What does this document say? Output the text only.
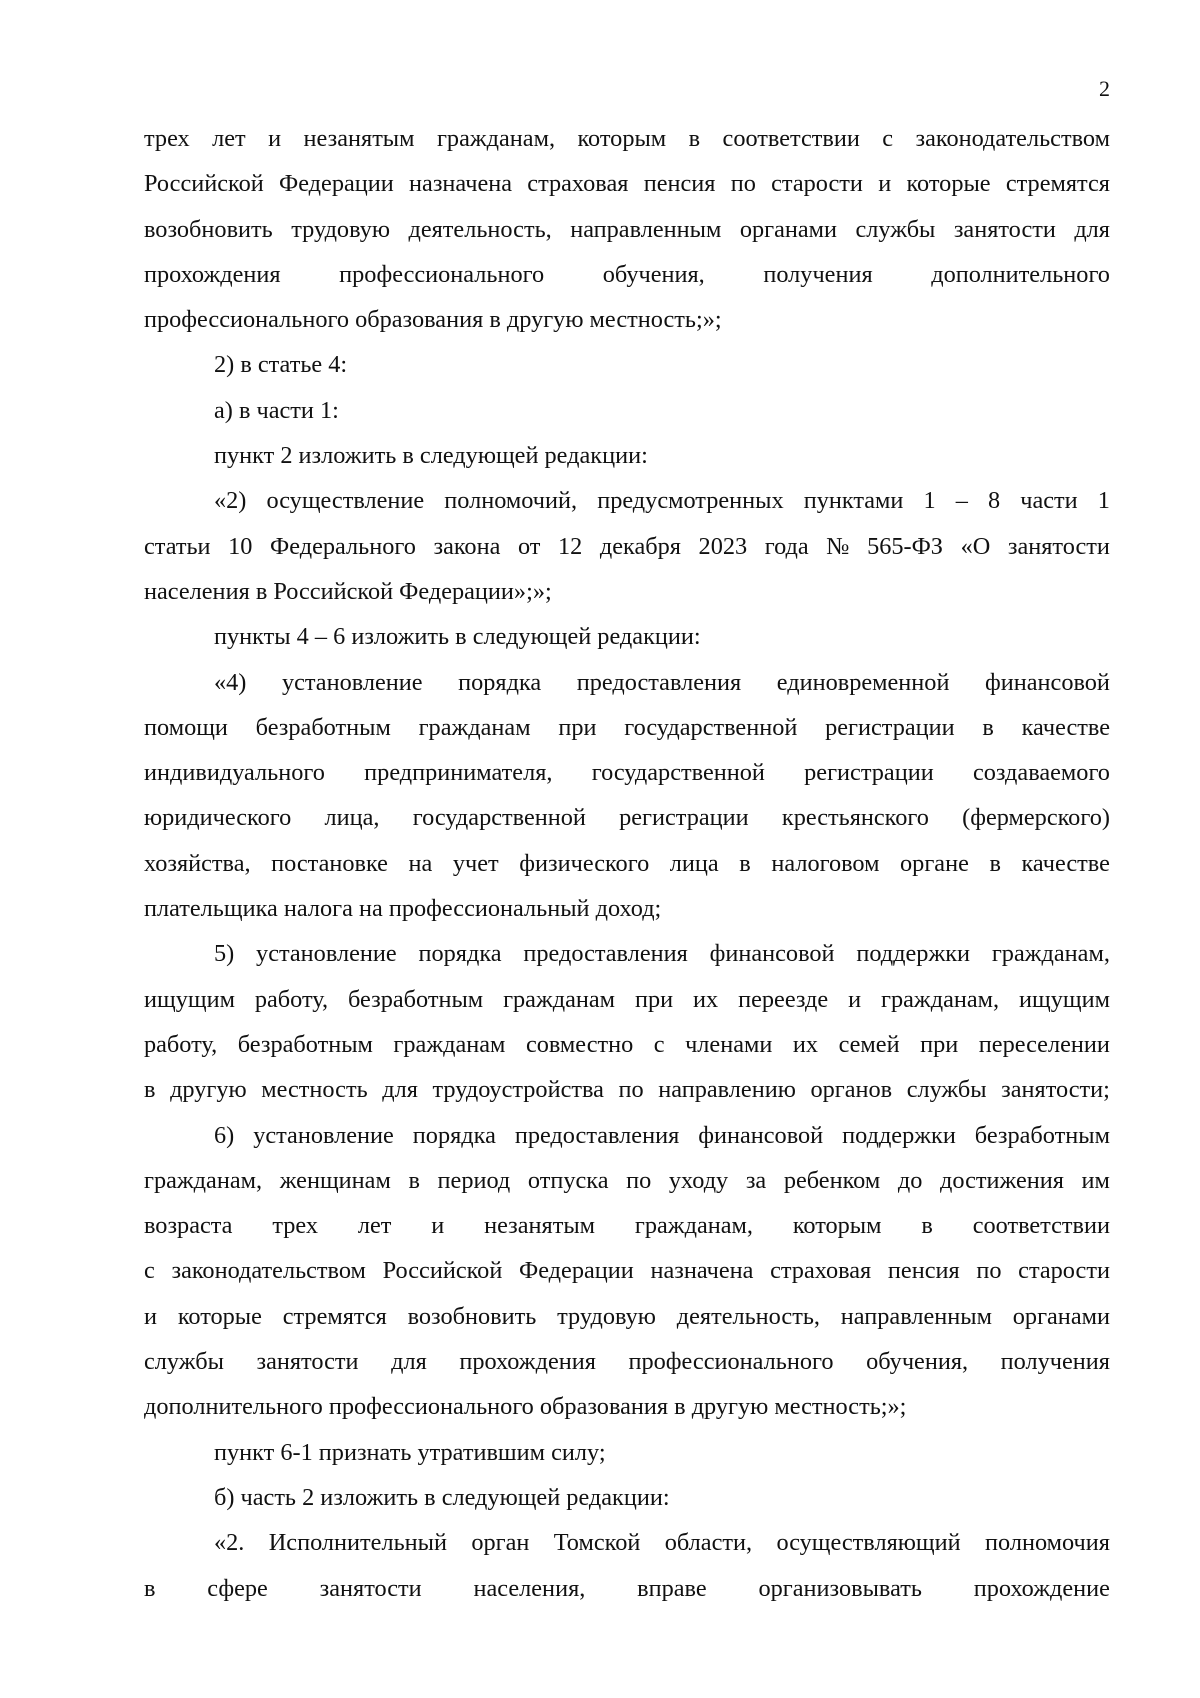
2
трех лет и незанятым гражданам, которым в соответствии с законодательством
Российской Федерации назначена страховая пенсия по старости и которые стремятся
возобновить трудовую деятельность, направленным органами службы занятости для
прохождения профессионального обучения, получения дополнительного
профессионального образования в другую местность;»;
2) в статье 4:
а) в части 1:
пункт 2 изложить в следующей редакции:
«2) осуществление полномочий, предусмотренных пунктами 1 – 8 части 1
статьи 10 Федерального закона от 12 декабря 2023 года № 565-ФЗ «О занятости
населения в Российской Федерации»;»;
пункты 4 – 6 изложить в следующей редакции:
«4) установление порядка предоставления единовременной финансовой
помощи безработным гражданам при государственной регистрации в качестве
индивидуального предпринимателя, государственной регистрации создаваемого
юридического лица, государственной регистрации крестьянского (фермерского)
хозяйства, постановке на учет физического лица в налоговом органе в качестве
плательщика налога на профессиональный доход;
5) установление порядка предоставления финансовой поддержки гражданам,
ищущим работу, безработным гражданам при их переезде и гражданам, ищущим
работу, безработным гражданам совместно с членами их семей при переселении
в другую местность для трудоустройства по направлению органов службы занятости;
6) установление порядка предоставления финансовой поддержки безработным
гражданам, женщинам в период отпуска по уходу за ребенком до достижения им
возраста трех лет и незанятым гражданам, которым в соответствии
с законодательством Российской Федерации назначена страховая пенсия по старости
и которые стремятся возобновить трудовую деятельность, направленным органами
службы занятости для прохождения профессионального обучения, получения
дополнительного профессионального образования в другую местность;»;
пункт 6-1 признать утратившим силу;
б) часть 2 изложить в следующей редакции:
«2. Исполнительный орган Томской области, осуществляющий полномочия
в сфере занятости населения, вправе организовывать прохождение
